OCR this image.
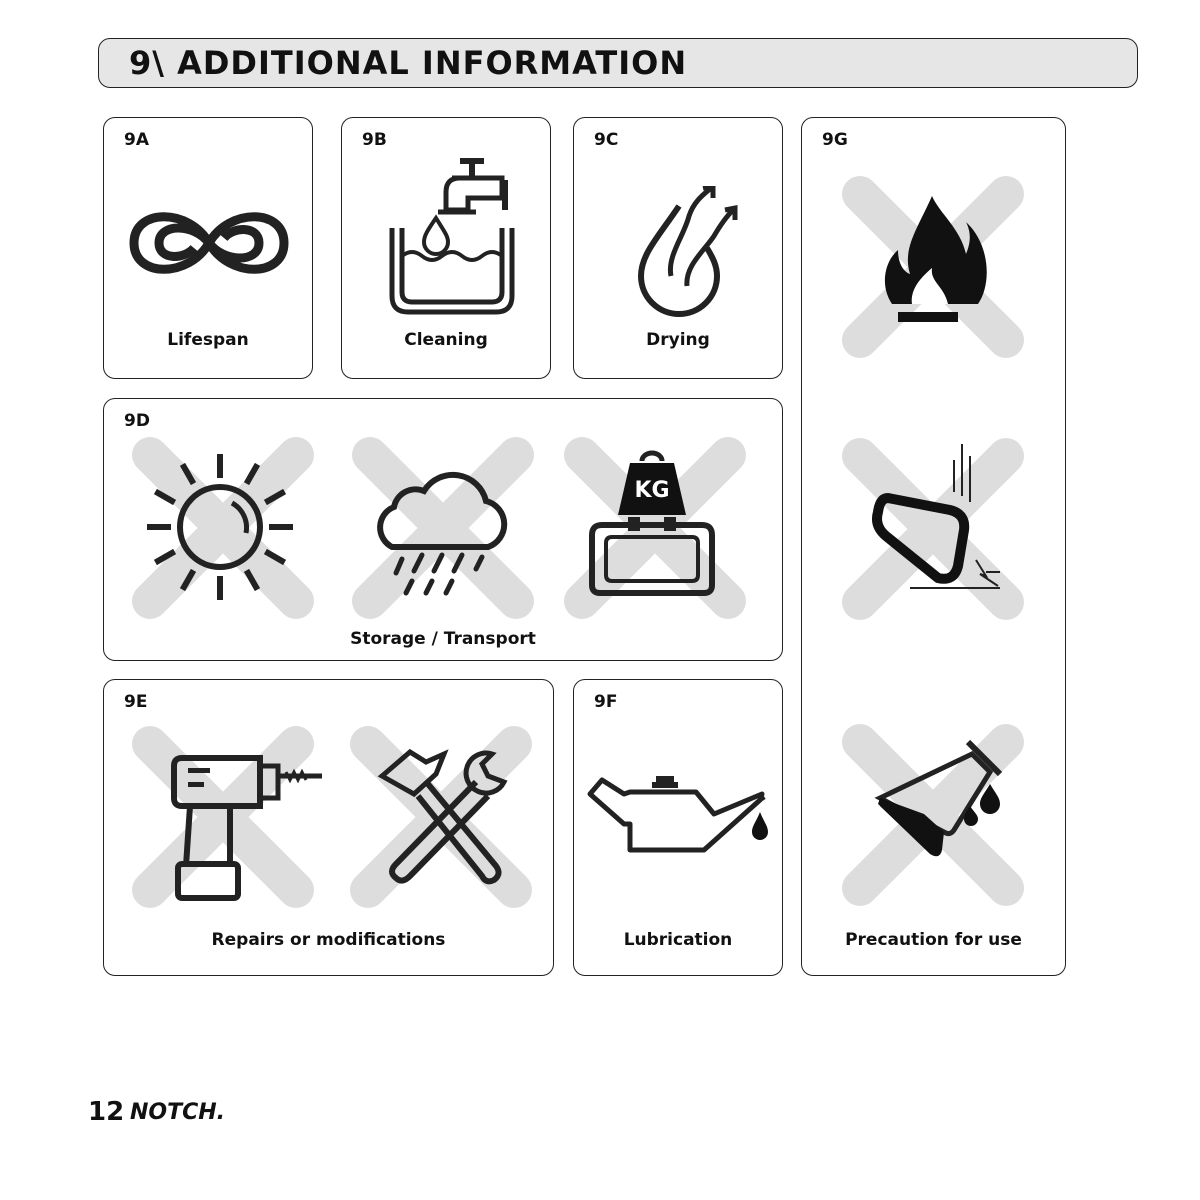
9\ ADDITIONAL INFORMATION
9A
Lifespan
9B
Cleaning
9C
Drying
9D
KG
Storage / Transport
9E
Repairs or modifications
9F
Lubrication
9G
Precaution for use
12 NOTCH.
